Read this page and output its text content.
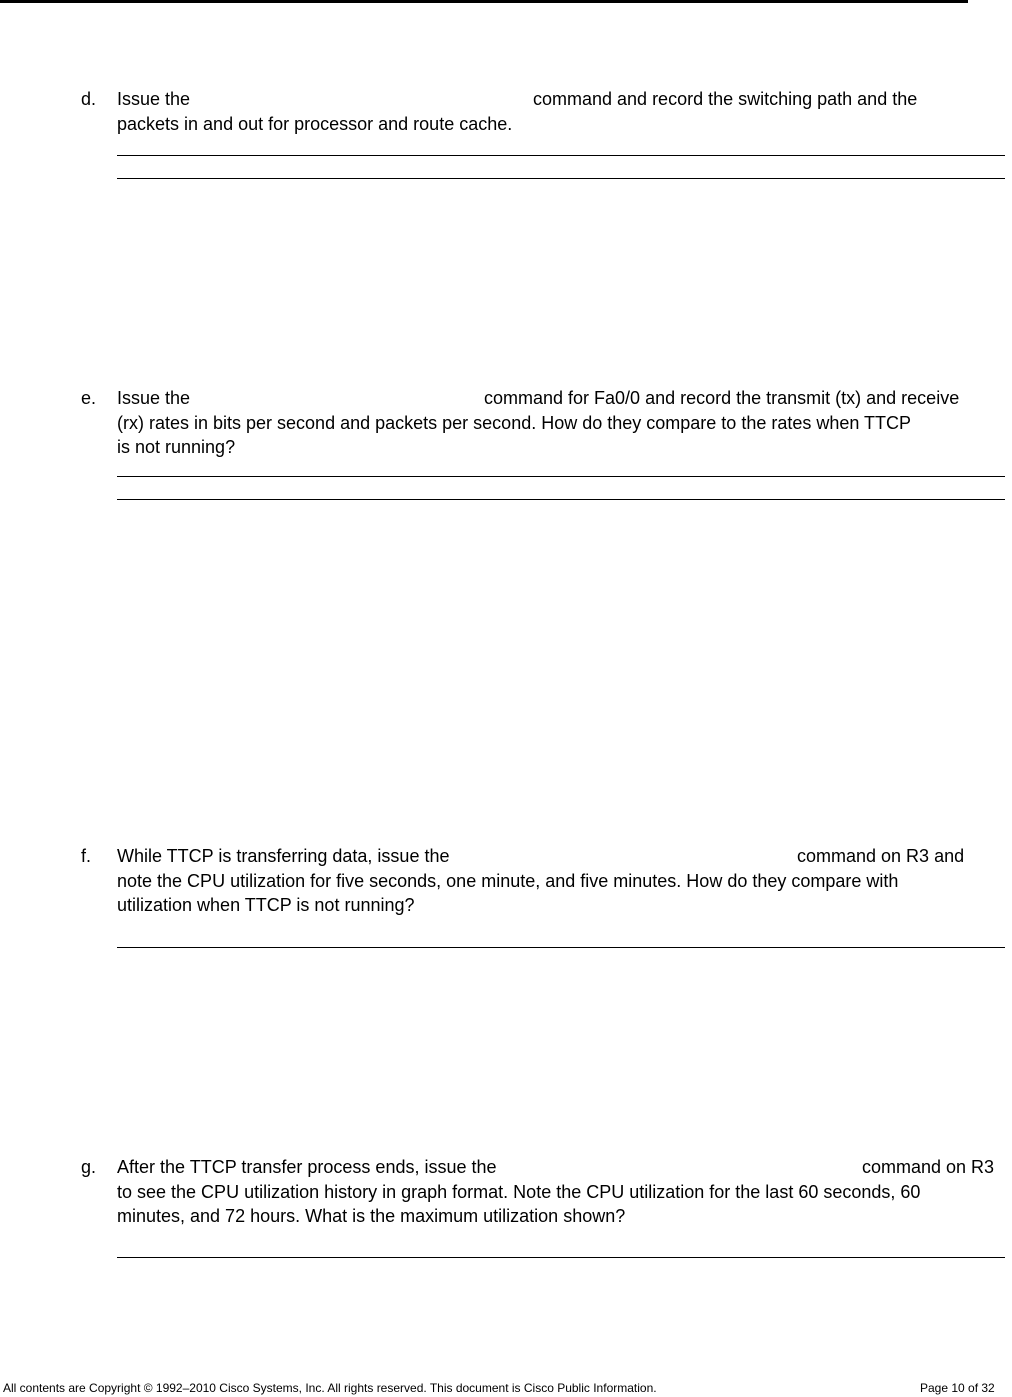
d. Issue the	command and record the switching path and the
packets in and out for processor and route cache.
e. Issue the	command for Fa0/0 and record the transmit (tx) and receive
(rx) rates in bits per second and packets per second. How do they compare to the rates when TTCP
is not running?
f. While TTCP is transferring data, issue the	command on R3 and
note the CPU utilization for five seconds, one minute, and five minutes. How do they compare with
utilization when TTCP is not running?
g. After the TTCP transfer process ends, issue the	command on R3
to see the CPU utilization history in graph format. Note the CPU utilization for the last 60 seconds, 60
minutes, and 72 hours. What is the maximum utilization shown?
All contents are Copyright © 1992–2010 Cisco Systems, Inc. All rights reserved. This document is Cisco Public Information.	Page 10 of 32
